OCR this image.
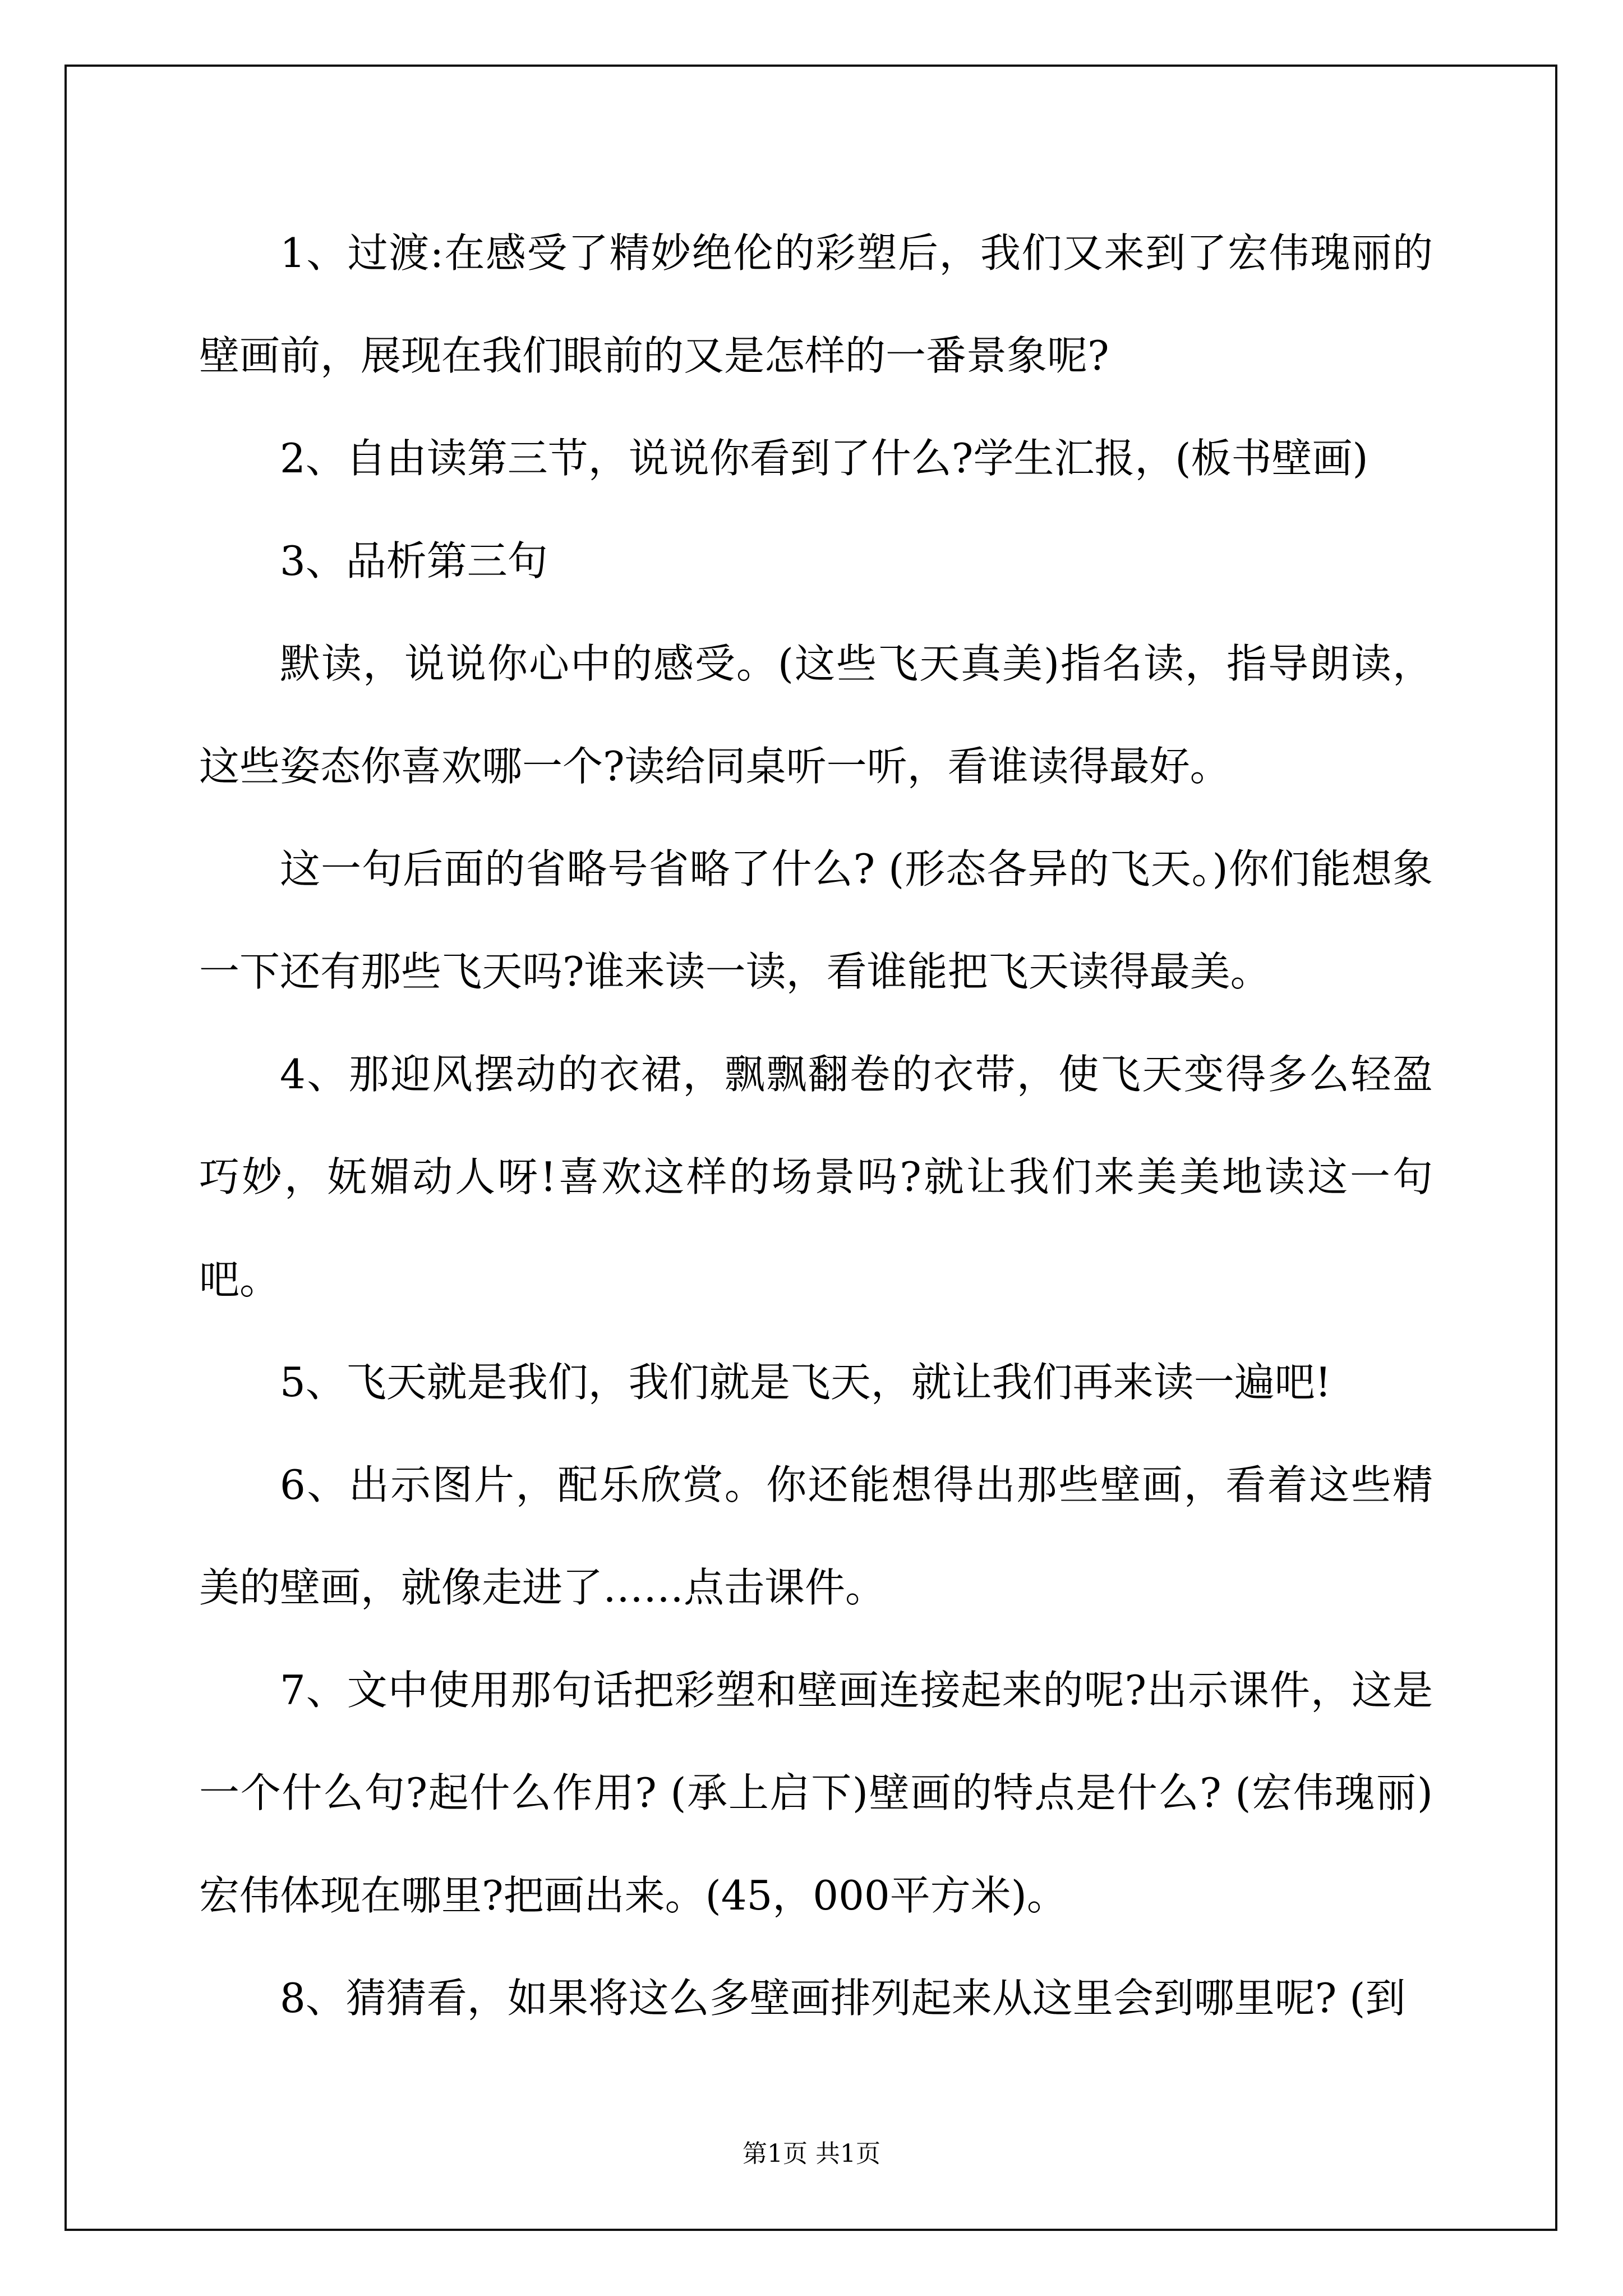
1、过渡:在感受了精妙绝伦的彩塑后，我们又来到了宏伟瑰丽的壁画前，展现在我们眼前的又是怎样的一番景象呢?

2、自由读第三节，说说你看到了什么?学生汇报，(板书壁画)

3、品析第三句

默读，说说你心中的感受。(这些飞天真美)指名读，指导朗读，这些姿态你喜欢哪一个?读给同桌听一听，看谁读得最好。

这一句后面的省略号省略了什么? (形态各异的飞天。)你们能想象一下还有那些飞天吗?谁来读一读，看谁能把飞天读得最美。

4、那迎风摆动的衣裙，飘飘翻卷的衣带，使飞天变得多么轻盈巧妙，妩媚动人呀!喜欢这样的场景吗?就让我们来美美地读这一句吧。

5、飞天就是我们，我们就是飞天，就让我们再来读一遍吧!

6、出示图片，配乐欣赏。你还能想得出那些壁画，看着这些精美的壁画，就像走进了……点击课件。

7、文中使用那句话把彩塑和壁画连接起来的呢?出示课件，这是一个什么句?起什么作用? (承上启下)壁画的特点是什么? (宏伟瑰丽)宏伟体现在哪里?把画出来。(45，000平方米)。

8、猜猜看，如果将这么多壁画排列起来从这里会到哪里呢? (到

第1页 共1页
